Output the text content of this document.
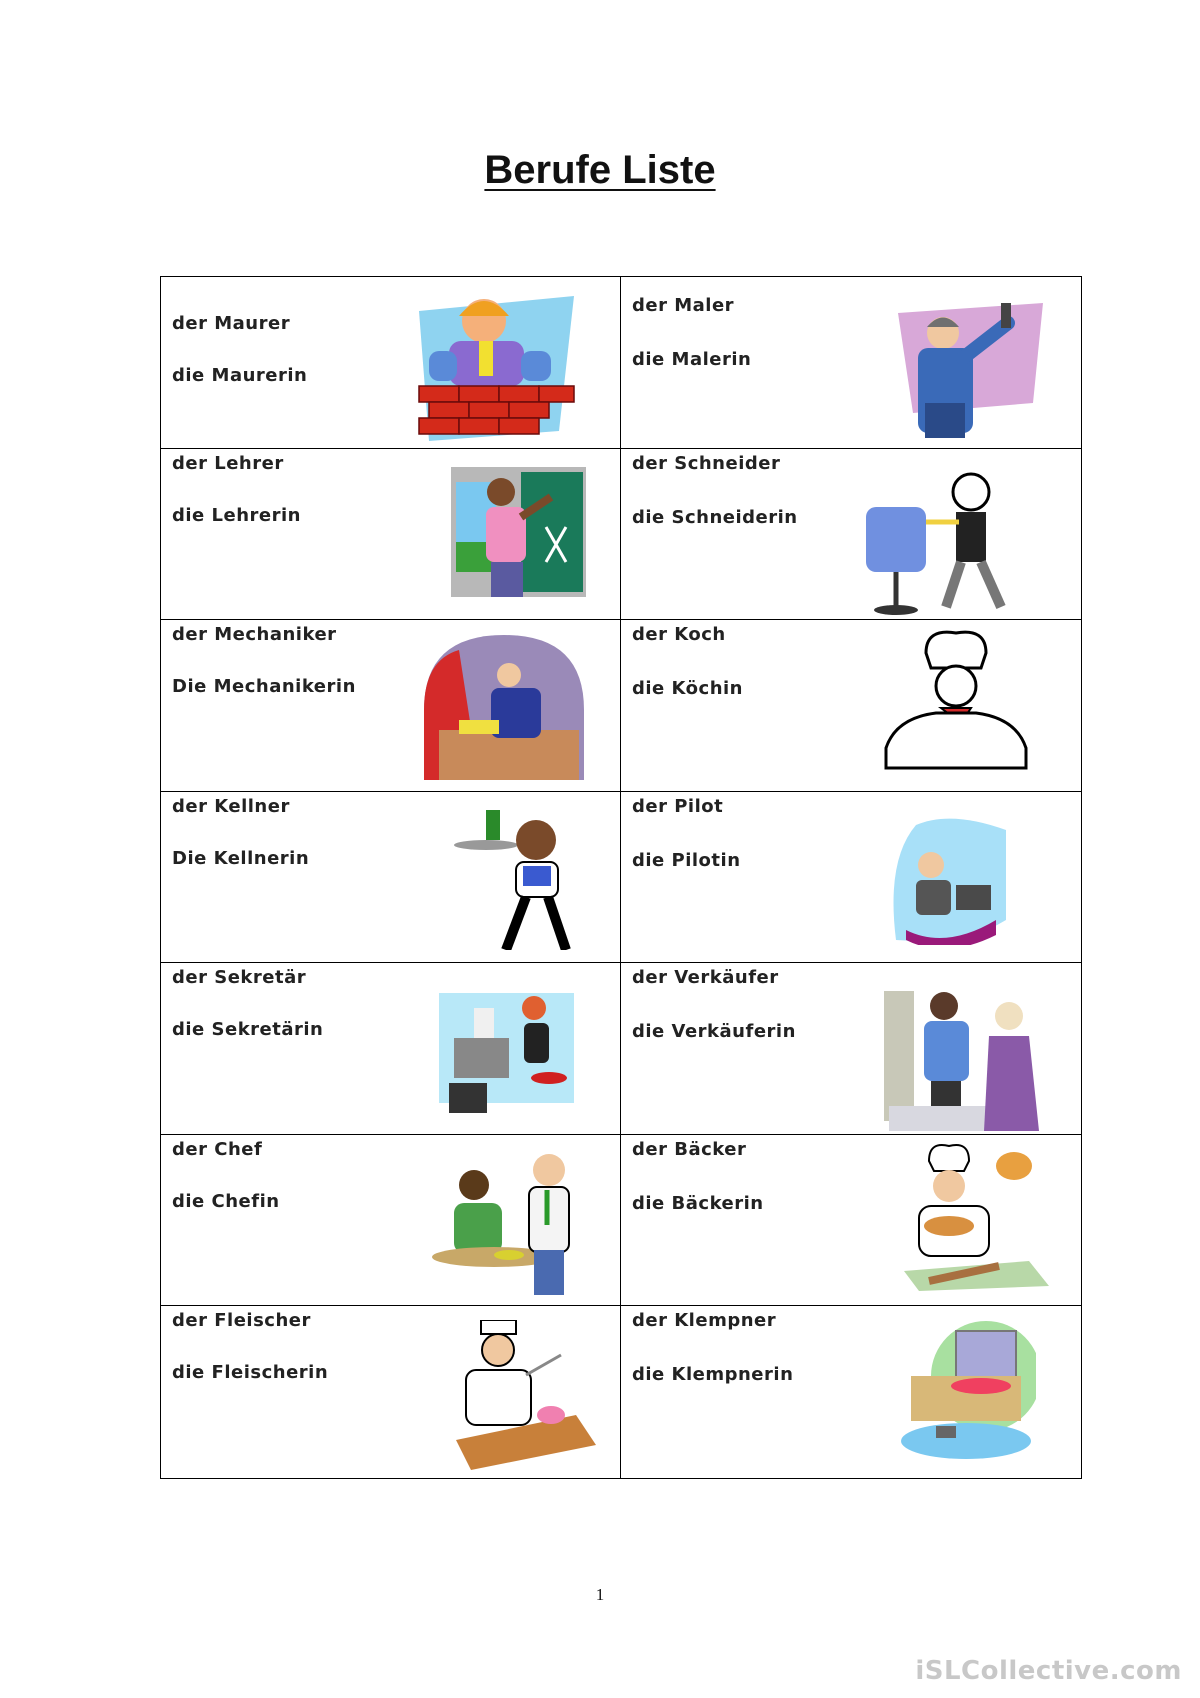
Berufe Liste
der Maurer
die Maurerin
der Maler
die Malerin
der Lehrer
die Lehrerin
der Schneider
die Schneiderin
der Mechaniker
Die Mechanikerin
der Koch
die Köchin
der Kellner
Die Kellnerin
der Pilot
die Pilotin
der Sekretär
die Sekretärin
der Verkäufer
die Verkäuferin
der Chef
die Chefin
der Bäcker
die Bäckerin
der Fleischer
die Fleischerin
der Klempner
die Klempnerin
1
iSLCollective.com
